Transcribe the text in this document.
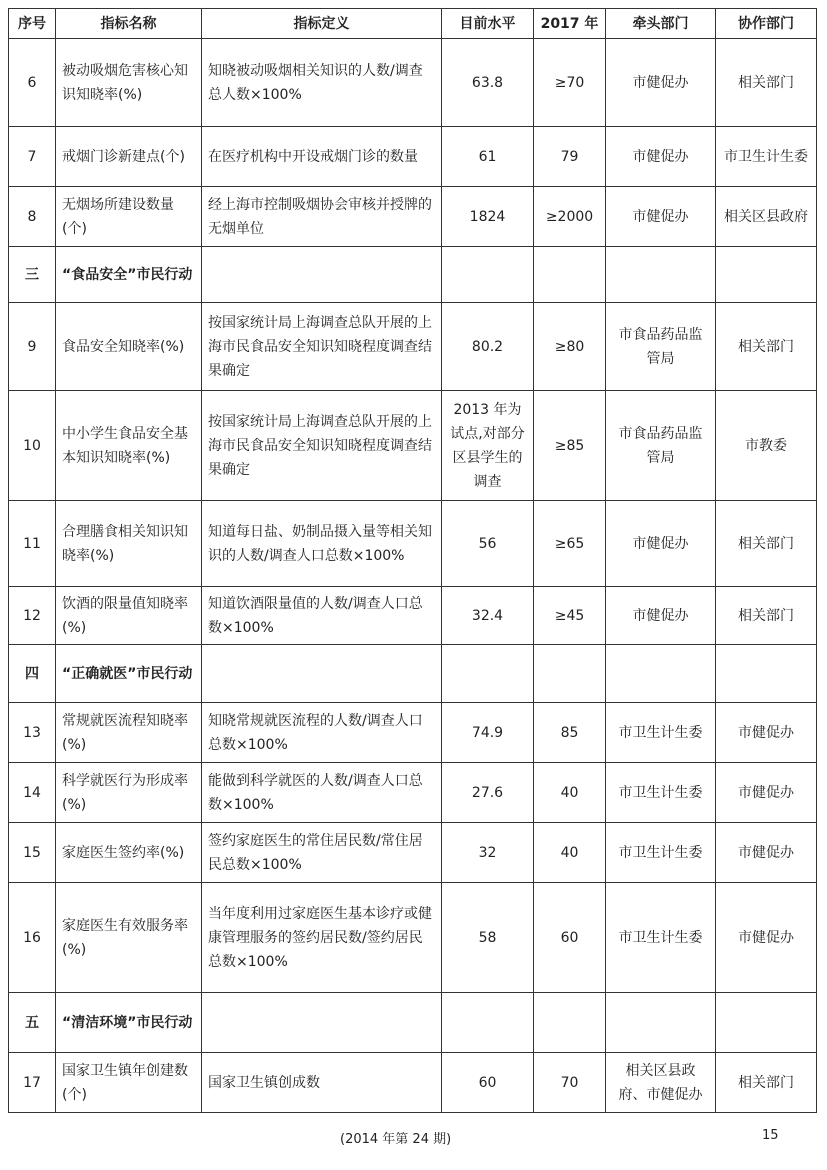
序号	指标名称	指标定义	目前水平	2017 年	牵头部门	协作部门
6	被动吸烟危害核心知识知晓率(%)	知晓被动吸烟相关知识的人数/调查总人数×100%	63.8	≥70	市健促办	相关部门
7	戒烟门诊新建点(个)	在医疗机构中开设戒烟门诊的数量	61	79	市健促办	市卫生计生委
8	无烟场所建设数量(个)	经上海市控制吸烟协会审核并授牌的无烟单位	1824	≥2000	市健促办	相关区县政府
三	“食品安全”市民行动					
9	食品安全知晓率(%)	按国家统计局上海调查总队开展的上海市民食品安全知识知晓程度调查结果确定	80.2	≥80	市食品药品监管局	相关部门
10	中小学生食品安全基本知识知晓率(%)	按国家统计局上海调查总队开展的上海市民食品安全知识知晓程度调查结果确定	2013 年为试点,对部分区县学生的调查	≥85	市食品药品监管局	市教委
11	合理膳食相关知识知晓率(%)	知道每日盐、奶制品摄入量等相关知识的人数/调查人口总数×100%	56	≥65	市健促办	相关部门
12	饮酒的限量值知晓率(%)	知道饮酒限量值的人数/调查人口总数×100%	32.4	≥45	市健促办	相关部门
四	“正确就医”市民行动					
13	常规就医流程知晓率(%)	知晓常规就医流程的人数/调查人口总数×100%	74.9	85	市卫生计生委	市健促办
14	科学就医行为形成率(%)	能做到科学就医的人数/调查人口总数×100%	27.6	40	市卫生计生委	市健促办
15	家庭医生签约率(%)	签约家庭医生的常住居民数/常住居民总数×100%	32	40	市卫生计生委	市健促办
16	家庭医生有效服务率(%)	当年度利用过家庭医生基本诊疗或健康管理服务的签约居民数/签约居民总数×100%	58	60	市卫生计生委	市健促办
五	“清洁环境”市民行动					
17	国家卫生镇年创建数(个)	国家卫生镇创成数	60	70	相关区县政府、市健促办	相关部门
(2014 年第 24 期)	15
